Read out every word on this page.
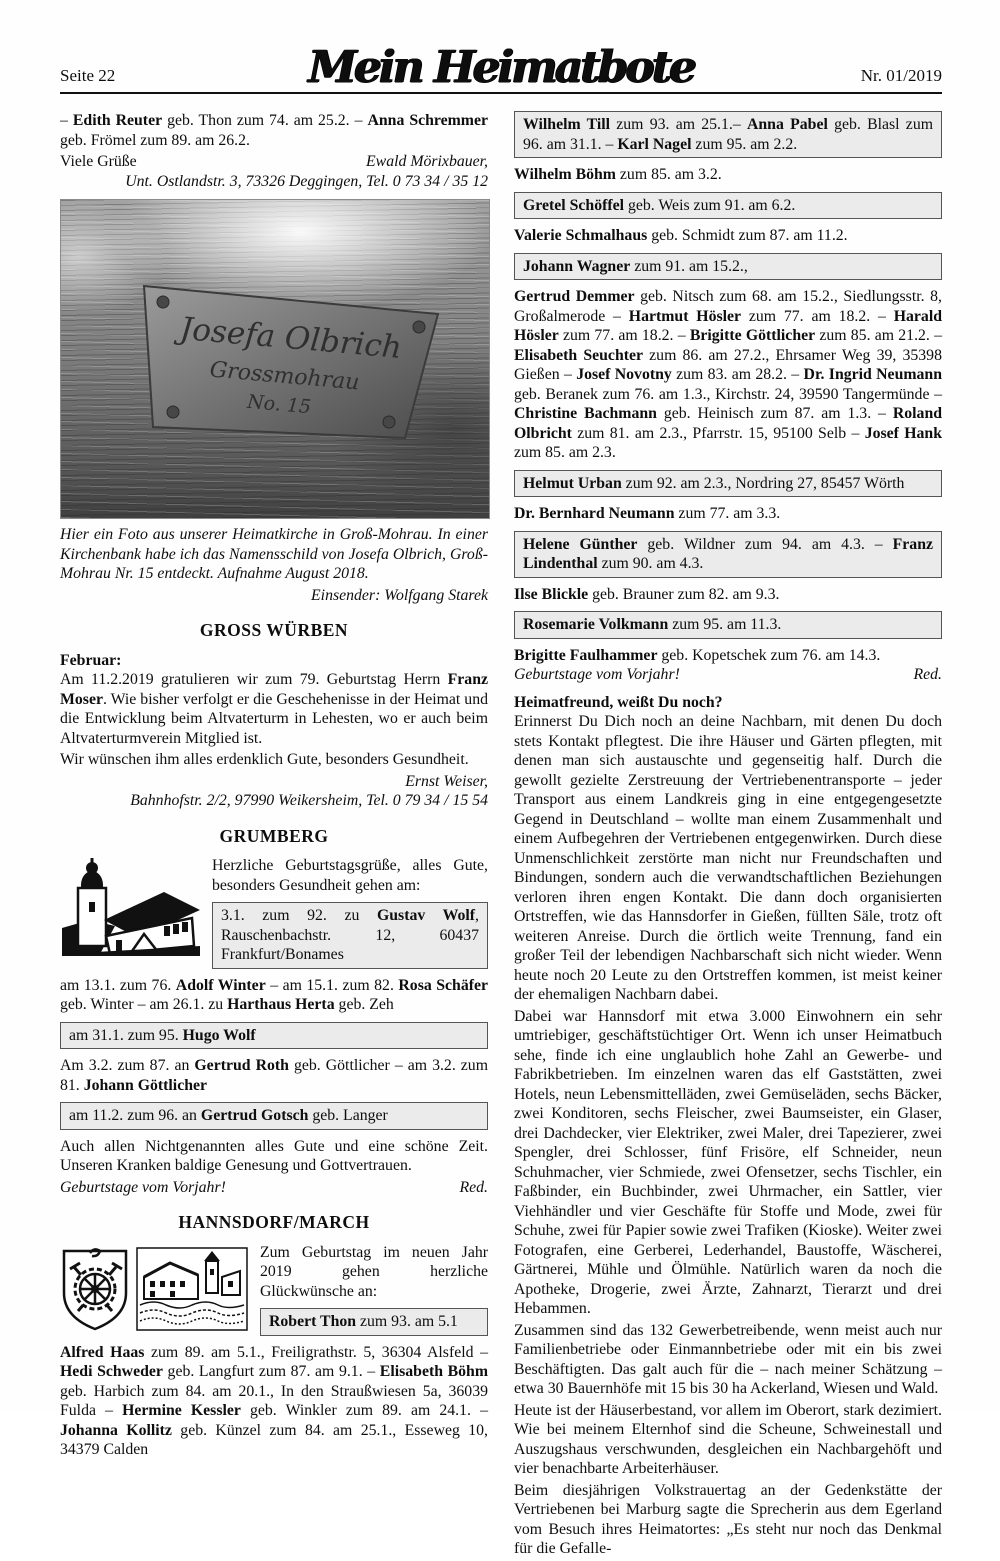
Seite 22	Mein Heimatbote	Nr. 01/2019

– Edith Reuter geb. Thon zum 74. am 25.2. – Anna Schremmer geb. Frömel zum 89. am 26.2.

Viele Grüße	Ewald Mörixbauer,
Unt. Ostlandstr. 3, 73326 Deggingen, Tel. 0 73 34 / 35 12
Josefa Olbrich
Grossmohrau
No. 15

Hier ein Foto aus unserer Heimatkirche in Groß-Mohrau. In einer Kirchenbank habe ich das Namensschild von Josefa Olbrich, Groß-Mohrau Nr. 15 entdeckt. Aufnahme August 2018.

Einsender: Wolfgang Starek
GROSS WÜRBEN
Februar:

Am 11.2.2019 gratulieren wir zum 79. Geburtstag Herrn Franz Moser. Wie bisher verfolgt er die Geschehenisse in der Heimat und die Entwicklung beim Altvaterturm in Lehesten, wo er auch beim Altvaterturmverein Mitglied ist.

Wir wünschen ihm alles erdenklich Gute, besonders Gesundheit.

Ernst Weiser,
Bahnhofstr. 2/2, 97990 Weikersheim, Tel. 0 79 34 / 15 54
GRUMBERG

Herzliche Geburtstagsgrüße, alles Gute, besonders Gesundheit gehen am:

3.1. zum 92. zu Gustav Wolf, Rauschenbachstr. 12, 60437 Frankfurt/Bonames

am 13.1. zum 76. Adolf Winter – am 15.1. zum 82. Rosa Schäfer geb. Winter – am 26.1. zu Harthaus Herta geb. Zeh

am 31.1. zum 95. Hugo Wolf

Am 3.2. zum 87. an Gertrud Roth geb. Göttlicher – am 3.2. zum 81. Johann Göttlicher

am 11.2. zum 96. an Gertrud Gotsch geb. Langer

Auch allen Nichtgenannten alles Gute und eine schöne Zeit. Unseren Kranken baldige Genesung und Gottvertrauen.

Geburtstage vom Vorjahr!	Red.
HANNSDORF/MARCH

Zum Geburtstag im neuen Jahr 2019 gehen herzliche Glückwünsche an:

Robert Thon zum 93. am 5.1

Alfred Haas zum 89. am 5.1., Freiligrathstr. 5, 36304 Alsfeld – Hedi Schweder geb. Langfurt zum 87. am 9.1. – Elisabeth Böhm geb. Harbich zum 84. am 20.1., In den Straußwiesen 5a, 36039 Fulda – Hermine Kessler geb. Winkler zum 89. am 24.1. – Johanna Kollitz geb. Künzel zum 84. am 25.1., Esseweg 10, 34379 Calden

Wilhelm Till zum 93. am 25.1.– Anna Pabel geb. Blasl zum 96. am 31.1. – Karl Nagel zum 95. am 2.2.
Wilhelm Böhm zum 85. am 3.2.
Gretel Schöffel geb. Weis zum 91. am 6.2.
Valerie Schmalhaus geb. Schmidt zum 87. am 11.2.
Johann Wagner zum 91. am 15.2.,
Gertrud Demmer geb. Nitsch zum 68. am 15.2., Siedlungsstr. 8, Großalmerode – Hartmut Hösler zum 77. am 18.2. – Harald Hösler zum 77. am 18.2. – Brigitte Göttlicher zum 85. am 21.2. – Elisabeth Seuchter zum 86. am 27.2., Ehrsamer Weg 39, 35398 Gießen – Josef Novotny zum 83. am 28.2. – Dr. Ingrid Neumann geb. Beranek zum 76. am 1.3., Kirchstr. 24, 39590 Tangermünde – Christine Bachmann geb. Heinisch zum 87. am 1.3. – Roland Olbricht zum 81. am 2.3., Pfarrstr. 15, 95100 Selb – Josef Hank zum 85. am 2.3.
Helmut Urban zum 92. am 2.3., Nordring 27, 85457 Wörth
Dr. Bernhard Neumann zum 77. am 3.3.
Helene Günther geb. Wildner zum 94. am 4.3. – Franz Lindenthal zum 90. am 4.3.
Ilse Blickle geb. Brauner zum 82. am 9.3.
Rosemarie Volkmann zum 95. am 11.3.
Brigitte Faulhammer geb. Kopetschek zum 76. am 14.3.
Geburtstage vom Vorjahr!	Red.

Heimatfreund, weißt Du noch?

Erinnerst Du Dich noch an deine Nachbarn, mit denen Du doch stets Kontakt pflegtest. Die ihre Häuser und Gärten pflegten, mit denen man sich austauschte und gegenseitig half. Durch die gewollt gezielte Zerstreuung der Vertriebenentransporte – jeder Transport aus einem Landkreis ging in eine entgegengesetzte Gegend in Deutschland – wollte man einem Zusammenhalt und einem Aufbegehren der Vertriebenen entgegenwirken. Durch diese Unmenschlichkeit zerstörte man nicht nur Freundschaften und Bindungen, sondern auch die verwandtschaftlichen Beziehungen verloren ihren engen Kontakt. Die dann doch organisierten Ortstreffen, wie das Hannsdorfer in Gießen, füllten Säle, trotz oft weiteren Anreise. Durch die örtlich weite Trennung, fand ein großer Teil der lebendigen Nachbarschaft sich nicht wieder. Wenn heute noch 20 Leute zu den Ortstreffen kommen, ist meist keiner der ehemaligen Nachbarn dabei.

Dabei war Hannsdorf mit etwa 3.000 Einwohnern ein sehr umtriebiger, geschäftstüchtiger Ort. Wenn ich unser Heimatbuch sehe, finde ich eine unglaublich hohe Zahl an Gewerbe- und Fabrikbetrieben. Im einzelnen waren das elf Gaststätten, zwei Hotels, neun Lebensmittelläden, zwei Gemüseläden, sechs Bäcker, zwei Konditoren, sechs Fleischer, zwei Baumseister, ein Glaser, drei Dachdecker, vier Elektriker, zwei Maler, drei Tapezierer, zwei Spengler, drei Schlosser, fünf Frisöre, elf Schneider, neun Schuhmacher, vier Schmiede, zwei Ofensetzer, sechs Tischler, ein Faßbinder, ein Buchbinder, zwei Uhrmacher, ein Sattler, vier Viehhändler und vier Geschäfte für Stoffe und Mode, zwei für Schuhe, zwei für Papier sowie zwei Trafiken (Kioske). Weiter zwei Fotografen, eine Gerberei, Lederhandel, Baustoffe, Wäscherei, Gärtnerei, Mühle und Ölmühle. Natürlich waren da noch die Apotheke, Drogerie, zwei Ärzte, Zahnarzt, Tierarzt und drei Hebammen.

Zusammen sind das 132 Gewerbetreibende, wenn meist auch nur Familienbetriebe oder Einmannbetriebe oder mit ein bis zwei Beschäftigten. Das galt auch für die – nach meiner Schätzung – etwa 30 Bauernhöfe mit 15 bis 30 ha Ackerland, Wiesen und Wald.

Heute ist der Häuserbestand, vor allem im Oberort, stark dezimiert. Wie bei meinem Elternhof sind die Scheune, Schweinestall und Auszugshaus verschwunden, desgleichen ein Nachbargehöft und vier benachbarte Arbeiterhäuser.

Beim diesjährigen Volkstrauertag an der Gedenkstätte der Vertriebenen bei Marburg sagte die Sprecherin aus dem Egerland vom Besuch ihres Heimatortes: „Es steht nur noch das Denkmal für die Gefalle-
